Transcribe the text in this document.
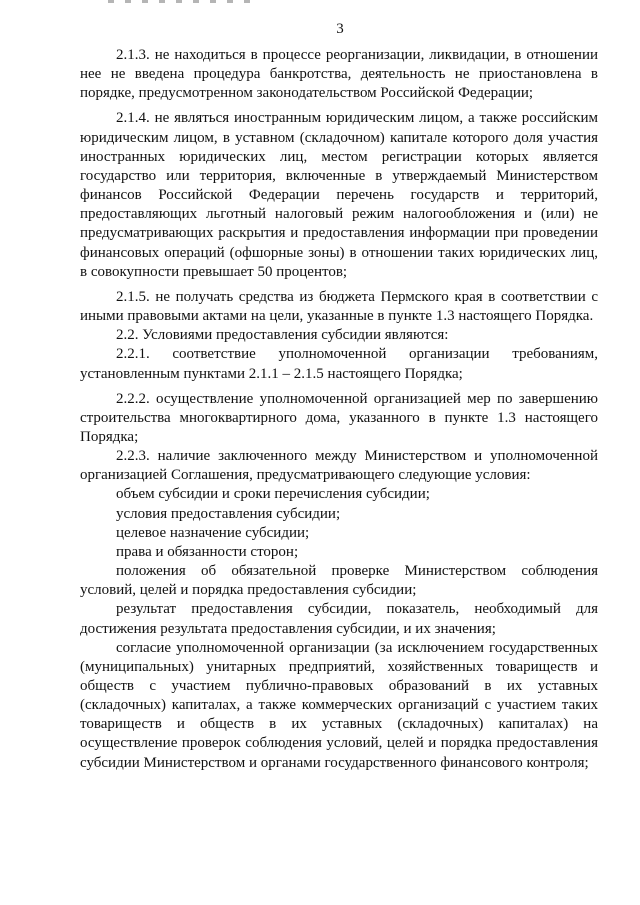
3

2.1.3. не находиться в процессе реорганизации, ликвидации, в отношении нее не введена процедура банкротства, деятельность не приостановлена в порядке, предусмотренном законодательством Российской Федерации;

2.1.4. не являться иностранным юридическим лицом, а также российским юридическим лицом, в уставном (складочном) капитале которого доля участия иностранных юридических лиц, местом регистрации которых является государство или территория, включенные в утверждаемый Министерством финансов Российской Федерации перечень государств и территорий, предоставляющих льготный налоговый режим налогообложения и (или) не предусматривающих раскрытия и предоставления информации при проведении финансовых операций (офшорные зоны) в отношении таких юридических лиц, в совокупности превышает 50 процентов;

2.1.5. не получать средства из бюджета Пермского края в соответствии с иными правовыми актами на цели, указанные в пункте 1.3 настоящего Порядка.

2.2. Условиями предоставления субсидии являются:

2.2.1. соответствие уполномоченной организации требованиям, установленным пунктами 2.1.1 – 2.1.5 настоящего Порядка;

2.2.2. осуществление уполномоченной организацией мер по завершению строительства многоквартирного дома, указанного в пункте 1.3 настоящего Порядка;

2.2.3. наличие заключенного между Министерством и уполномоченной организацией Соглашения, предусматривающего следующие условия:

объем субсидии и сроки перечисления субсидии;

условия предоставления субсидии;

целевое назначение субсидии;

права и обязанности сторон;

положения об обязательной проверке Министерством соблюдения условий, целей и порядка предоставления субсидии;

результат предоставления субсидии, показатель, необходимый для достижения результата предоставления субсидии, и их значения;

согласие уполномоченной организации (за исключением государственных (муниципальных) унитарных предприятий, хозяйственных товариществ и обществ с участием публично-правовых образований в их уставных (складочных) капиталах, а также коммерческих организаций с участием таких товариществ и обществ в их уставных (складочных) капиталах) на осуществление проверок соблюдения условий, целей и порядка предоставления субсидии Министерством и органами государственного финансового контроля;
